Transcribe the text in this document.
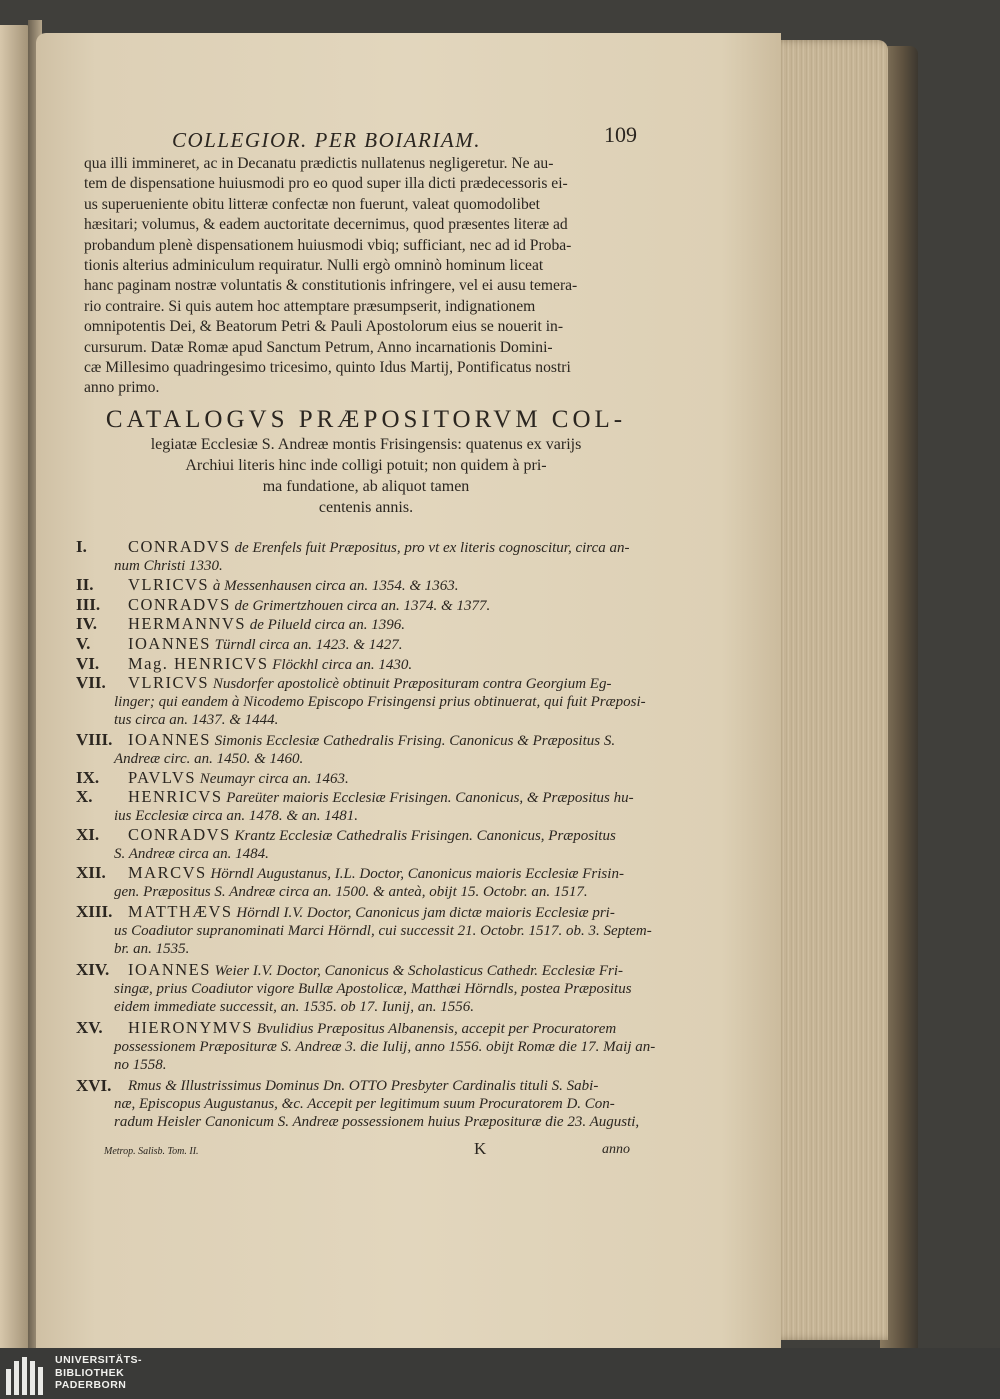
COLLEGIOR. PER BOIARIAM.	109
qua illi immineret, ac in Decanatu prædictis nullatenus negligeretur. Ne au-
tem de dispensatione huiusmodi pro eo quod super illa dicti prædecessoris ei-
us superueniente obitu litteræ confectæ non fuerunt, valeat quomodolibet
hæsitari; volumus, & eadem auctoritate decernimus, quod præsentes literæ ad
probandum plenè dispensationem huiusmodi vbiq; sufficiant, nec ad id Proba-
tionis alterius adminiculum requiratur. Nulli ergò omninò hominum liceat
hanc paginam nostræ voluntatis & constitutionis infringere, vel ei ausu temera-
rio contraire. Si quis autem hoc attemptare præsumpserit, indignationem
omnipotentis Dei, & Beatorum Petri & Pauli Apostolorum eius se nouerit in-
cursurum. Datæ Romæ apud Sanctum Petrum, Anno incarnationis Domini-
cæ Millesimo quadringesimo tricesimo, quinto Idus Martij, Pontificatus nostri
anno primo.
CATALOGVS PRÆPOSITORVM COL-
legiatæ Ecclesiæ S. Andreæ montis Frisingensis: quatenus ex varijs
Archiui literis hinc inde colligi potuit; non quidem à pri-
ma fundatione, ab aliquot tamen
centenis annis.
I.	CONRADVS de Erenfels fuit Præpositus, pro vt ex literis cognoscitur, circa an-
num Christi 1330.
II.	VLRICVS à Messenhausen circa an. 1354. & 1363.
III.	CONRADVS de Grimertzhouen circa an. 1374. & 1377.
IV.	HERMANNVS de Pilueld circa an. 1396.
V.	IOANNES Türndl circa an. 1423. & 1427.
VI.	Mag. HENRICVS Flöckhl circa an. 1430.
VII.	VLRICVS Nusdorfer apostolicè obtinuit Præposituram contra Georgium Eg-
linger; qui eandem à Nicodemo Episcopo Frisingensi prius obtinuerat, qui fuit Præposi-
tus circa an. 1437. & 1444.
VIII. IOANNES Simonis Ecclesiæ Cathedralis Frising. Canonicus & Præpositus S.
Andreæ circ. an. 1450. & 1460.
IX.	PAVLVS Neumayr circa an. 1463.
X.	HENRICVS Pareüter maioris Ecclesiæ Frisingen. Canonicus, & Præpositus hu-
ius Ecclesiæ circa an. 1478. & an. 1481.
XI.	CONRADVS Krantz Ecclesiæ Cathedralis Frisingen. Canonicus, Præpositus
S. Andreæ circa an. 1484.
XII.	MARCVS Hörndl Augustanus, I.L. Doctor, Canonicus maioris Ecclesiæ Frisin-
gen. Præpositus S. Andreæ circa an. 1500. & anteà, obijt 15. Octobr. an. 1517.
XIII. MATTHÆVS Hörndl I.V. Doctor, Canonicus jam dictæ maioris Ecclesiæ pri-
us Coadiutor supranominati Marci Hörndl, cui successit 21. Octobr. 1517. ob. 3. Septem-
br. an. 1535.
XIV.	IOANNES Weier I.V. Doctor, Canonicus & Scholasticus Cathedr. Ecclesiæ Fri-
singæ, prius Coadiutor vigore Bullæ Apostolicæ, Matthæi Hörndls, postea Præpositus
eidem immediate successit, an. 1535. ob 17. Iunij, an. 1556.
XV.	HIERONYMVS Bvulidius Præpositus Albanensis, accepit per Procuratorem
possessionem Præposituræ S. Andreæ 3. die Iulij, anno 1556. obijt Romæ die 17. Maij an-
no 1558.
XVI.	Rmus & Illustrissimus Dominus Dn. OTTO Presbyter Cardinalis tituli S. Sabi-
næ, Episcopus Augustanus, &c. Accepit per legitimum suum Procuratorem D. Con-
radum Heisler Canonicum S. Andreæ possessionem huius Præposituræ die 23. Augusti,
Metrop. Salisb. Tom. II.	K	anno
UNIVERSITÄTS-
BIBLIOTHEK
PADERBORN
